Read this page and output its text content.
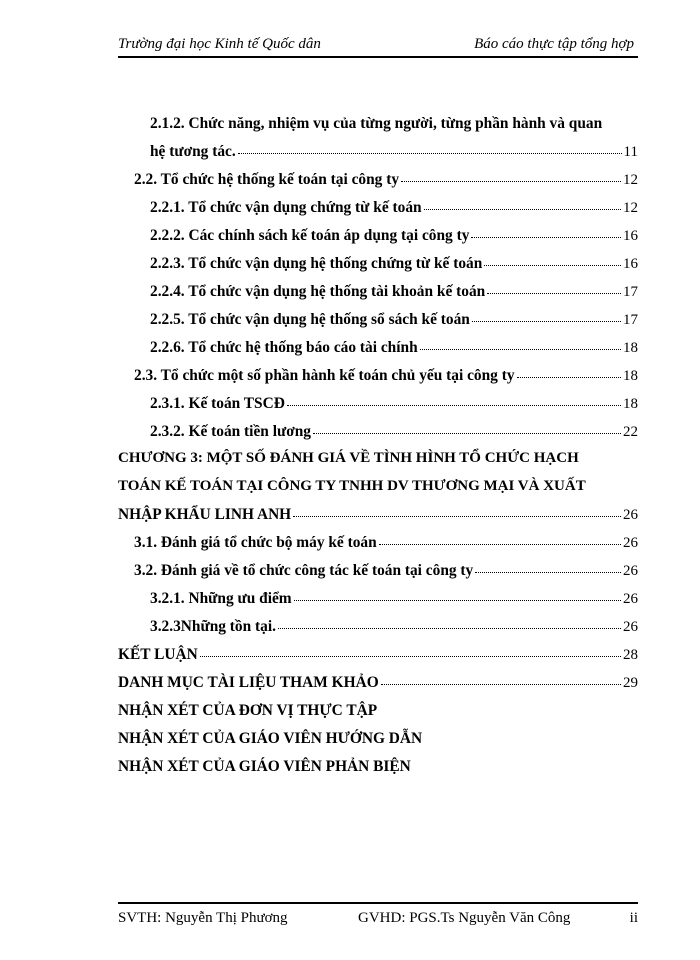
Trường đại học Kinh tế Quốc dân	Báo cáo thực tập tổng hợp
2.1.2. Chức năng, nhiệm vụ của từng người, từng phần hành và quan
hệ tương tác.	11
2.2. Tổ chức hệ thống kế toán tại công ty	12
2.2.1. Tổ chức vận dụng chứng từ kế toán	12
2.2.2. Các chính sách kế toán áp dụng tại công ty	16
2.2.3. Tổ chức vận dụng hệ thống chứng từ kế toán	16
2.2.4. Tổ chức vận dụng hệ thống tài khoản kế toán	17
2.2.5. Tổ chức vận dụng hệ thống sổ sách kế toán	17
2.2.6. Tổ chức hệ thống báo cáo tài chính	18
2.3. Tổ chức một số phần hành kế toán chủ yếu tại công ty	18
2.3.1. Kế toán TSCĐ	18
2.3.2. Kế toán tiền lương	22
CHƯƠNG 3: MỘT SỐ ĐÁNH GIÁ VỀ TÌNH HÌNH TỔ CHỨC HẠCH
TOÁN KẾ TOÁN TẠI CÔNG TY TNHH DV THƯƠNG MẠI VÀ XUẤT
NHẬP KHẨU LINH ANH	26
3.1. Đánh giá tổ chức bộ máy kế toán	26
3.2. Đánh giá về tổ chức công tác kế toán tại công ty	26
3.2.1. Những ưu điểm	26
3.2.3Những tồn tại.	26
KẾT LUẬN	28
DANH MỤC TÀI LIỆU THAM KHẢO	29
NHẬN XÉT CỦA ĐƠN VỊ THỰC TẬP
NHẬN XÉT CỦA GIÁO VIÊN HƯỚNG DẪN
NHẬN XÉT CỦA GIÁO VIÊN PHẢN BIỆN
SVTH: Nguyễn Thị Phương	GVHD: PGS.Ts Nguyễn Văn Công	ii
